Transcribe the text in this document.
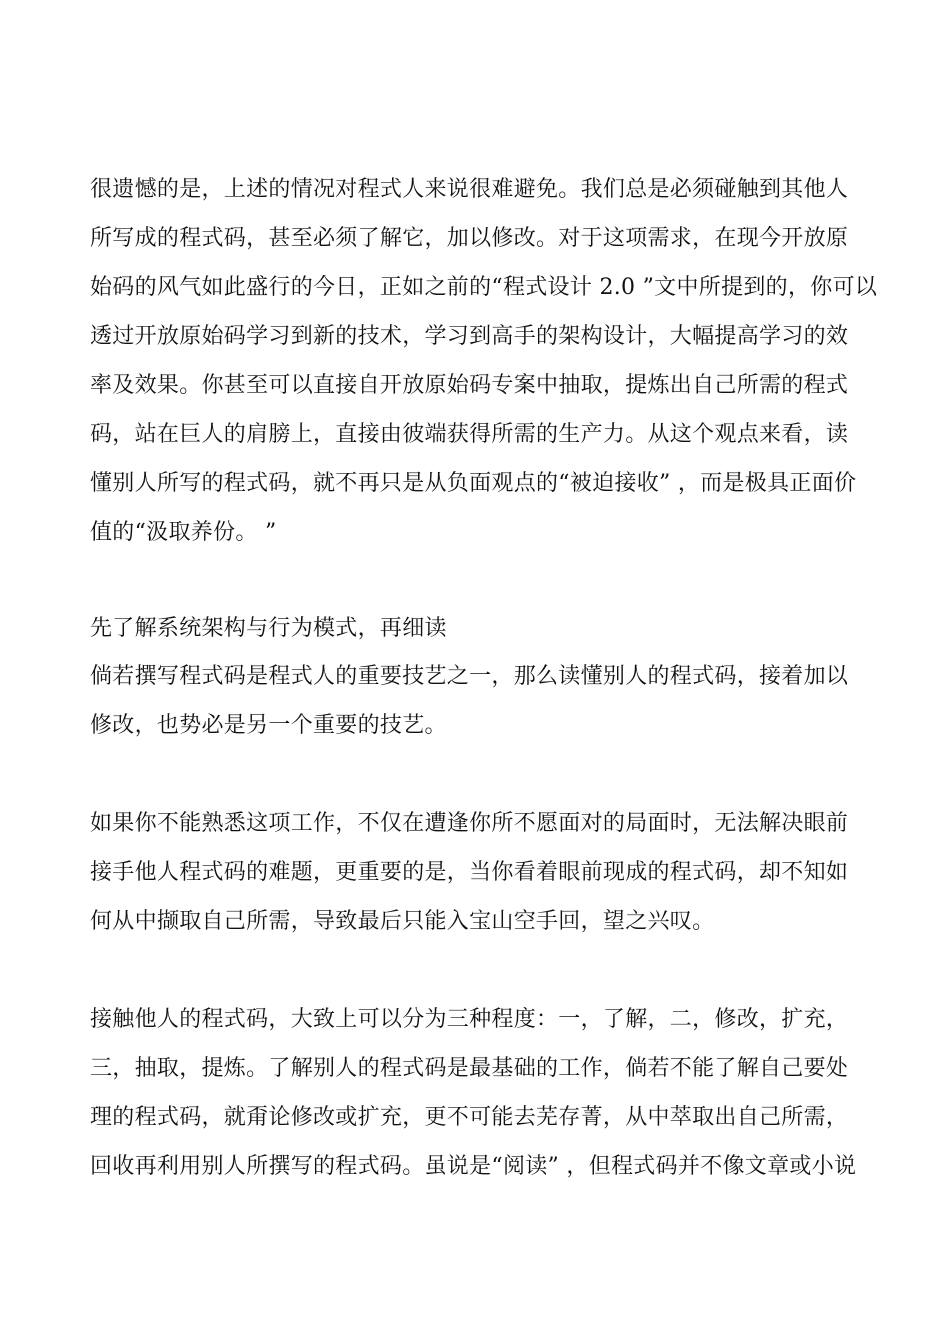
很遗憾的是，上述的情况对程式人来说很难避免。我们总是必须碰触到其他人

所写成的程式码，甚至必须了解它，加以修改。对于这项需求，在现今开放原

始码的风气如此盛行的今日，正如之前的“程式设计 2.0 ”文中所提到的，你可以

透过开放原始码学习到新的技术，学习到高手的架构设计，大幅提高学习的效

率及效果。你甚至可以直接自开放原始码专案中抽取，提炼出自己所需的程式

码，站在巨人的肩膀上，直接由彼端获得所需的生产力。从这个观点来看，读

懂别人所写的程式码，就不再只是从负面观点的“被迫接收” ，而是极具正面价

值的“汲取养份。 ”

先了解系统架构与行为模式，再细读

倘若撰写程式码是程式人的重要技艺之一，那么读懂别人的程式码，接着加以

修改，也势必是另一个重要的技艺。

如果你不能熟悉这项工作，不仅在遭逢你所不愿面对的局面时，无法解决眼前

接手他人程式码的难题，更重要的是，当你看着眼前现成的程式码，却不知如

何从中撷取自己所需，导致最后只能入宝山空手回，望之兴叹。

接触他人的程式码，大致上可以分为三种程度：一，了解，二，修改，扩充，

三，抽取，提炼。了解别人的程式码是最基础的工作，倘若不能了解自己要处

理的程式码，就甭论修改或扩充，更不可能去芜存菁，从中萃取出自己所需，

回收再利用别人所撰写的程式码。虽说是“阅读” ，但程式码并不像文章或小说
